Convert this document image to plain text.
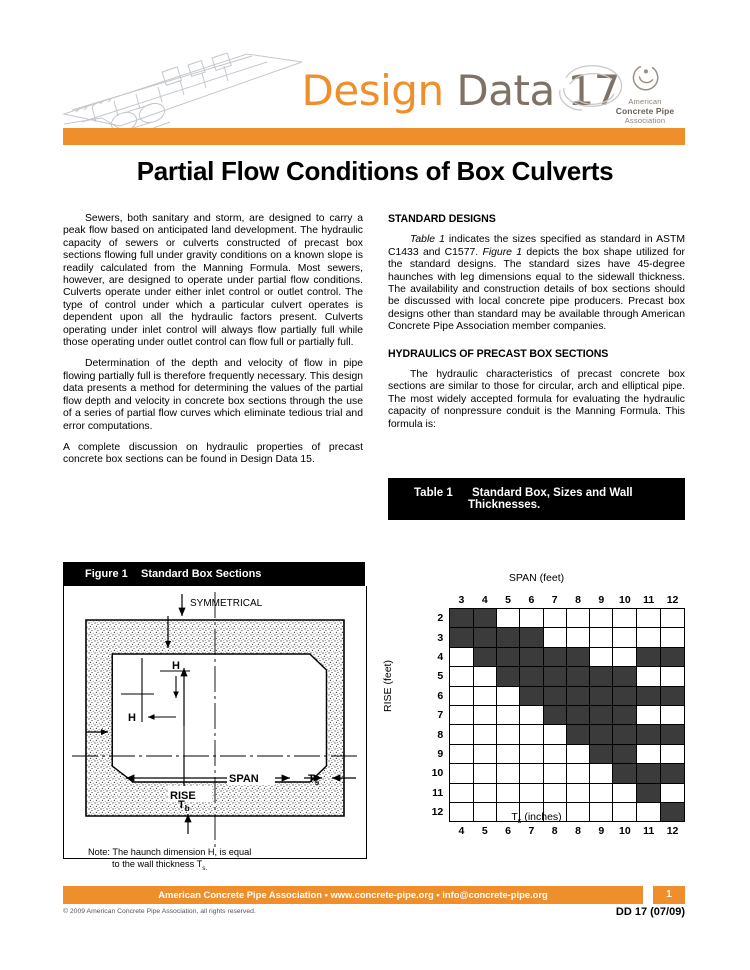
Design Data 17	American
Concrete Pipe
Association
Partial Flow Conditions of Box Culverts

Sewers, both sanitary and storm, are designed to carry a peak flow based on anticipated land development. The hydraulic capacity of sewers or culverts constructed of precast box sections flowing full under gravity conditions on a known slope is readily calculated from the Manning Formula. Most sewers, however, are designed to operate under partial flow conditions. Culverts operate under either inlet control or outlet control. The type of control under which a particular culvert operates is dependent upon all the hydraulic factors present. Culverts operating under inlet control will always flow partially full while those operating under outlet control can flow full or partially full.

Determination of the depth and velocity of flow in pipe flowing partially full is therefore frequently necessary. This design data presents a method for determining the values of the partial flow depth and velocity in concrete box sections through the use of a series of partial flow curves which eliminate tedious trial and error computations.

A complete discussion on hydraulic properties of precast concrete box sections can be found in Design Data 15.

STANDARD DESIGNS

Table 1 indicates the sizes specified as standard in ASTM C1433 and C1577. Figure 1 depicts the box shape utilized for the standard designs. The standard sizes have 45-degree haunches with leg dimensions equal to the sidewall thickness. The availability and construction details of box sections should be discussed with local concrete pipe producers. Precast box designs other than standard may be available through American Concrete Pipe Association member companies.

HYDRAULICS OF PRECAST BOX SECTIONS

The hydraulic characteristics of precast concrete box sections are similar to those for circular, arch and elliptical pipe. The most widely accepted formula for evaluating the hydraulic capacity of nonpressure conduit is the Manning Formula. This formula is:

Table 1 Standard Box, Sizes and Wall
Thicknesses.
SPAN (feet)
RISE (feet)
	3	4	5	6	7	8	9	10	11	12
2										
3										
4										
5										
6										
7										
8										
9										
10										
11										
12										
	4	5	6	7	8	8	9	10	11	12
$T_s$ (inches)
Figure 1 Standard Box Sections
SYMMETRICAL
H
H
SPAN
RISE
$T_s$
$T_b$
Note: The haunch dimension H, is equal
to the wall thickness $T_{s.}$
American Concrete Pipe Association • www.concrete-pipe.org • info@concrete-pipe.org	1
© 2009 American Concrete Pipe Association, all rights reserved.	DD 17 (07/09)
